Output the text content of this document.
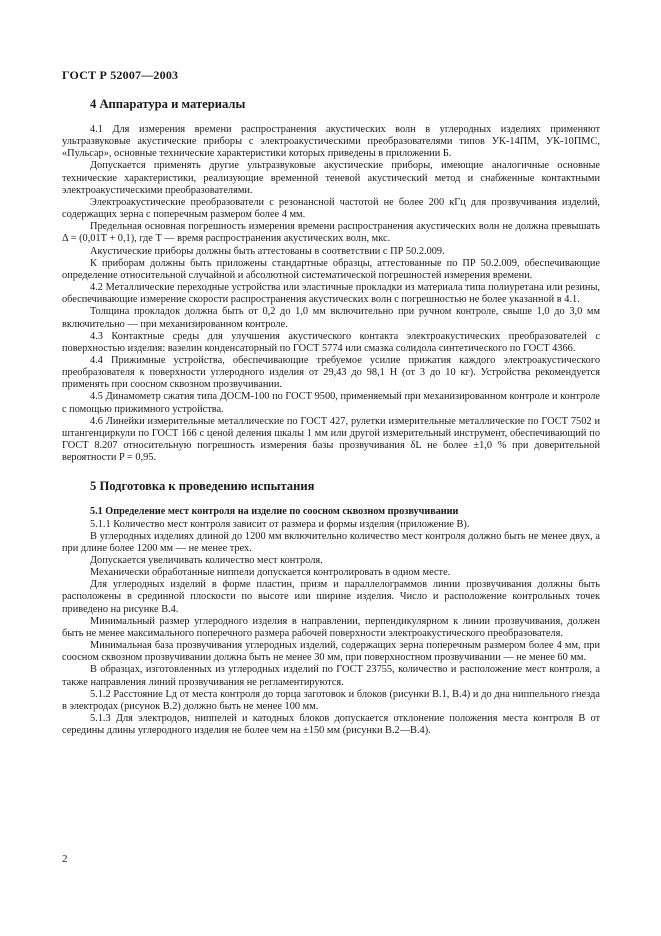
ГОСТ Р 52007—2003
4 Аппаратура и материалы

4.1 Для измерения времени распространения акустических волн в углеродных изделиях применяют ультразвуковые акустические приборы с электроакустическими преобразователями типов УК-14ПМ, УК-10ПМС, «Пульсар», основные технические характеристики которых приведены в приложении Б.

Допускается применять другие ультразвуковые акустические приборы, имеющие аналогичные основные технические характеристики, реализующие временной теневой акустический метод и снабженные контактными электроакустическими преобразователями.

Электроакустические преобразователи с резонансной частотой не более 200 кГц для прозвучивания изделий, содержащих зерна с поперечным размером более 4 мм.

Предельная основная погрешность измерения времени распространения акустических волн не должна превышать Δ = (0,01T + 0,1), где T — время распространения акустических волн, мкс.

Акустические приборы должны быть аттестованы в соответствии с ПР 50.2.009.

К приборам должны быть приложены стандартные образцы, аттестованные по ПР 50.2.009, обеспечивающие определение относительной случайной и абсолютной систематической погрешностей измерения времени.

4.2 Металлические переходные устройства или эластичные прокладки из материала типа полиуретана или резины, обеспечивающие измерение скорости распространения акустических волн с погрешностью не более указанной в 4.1.

Толщина прокладок должна быть от 0,2 до 1,0 мм включительно при ручном контроле, свыше 1,0 до 3,0 мм включительно — при механизированном контроле.

4.3 Контактные среды для улучшения акустического контакта электроакустических преобразователей с поверхностью изделия: вазелин конденсаторный по ГОСТ 5774 или смазка солидола синтетического по ГОСТ 4366.

4.4 Прижимные устройства, обеспечивающие требуемое усилие прижатия каждого электроакустического преобразователя к поверхности углеродного изделия от 29,43 до 98,1 Н (от 3 до 10 кг). Устройства рекомендуется применять при соосном сквозном прозвучивании.

4.5 Динамометр сжатия типа ДОСМ-100 по ГОСТ 9500, применяемый при механизированном контроле и контроле с помощью прижимного устройства.

4.6 Линейки измерительные металлические по ГОСТ 427, рулетки измерительные металлические по ГОСТ 7502 и штангенциркули по ГОСТ 166 с ценой деления шкалы 1 мм или другой измерительный инструмент, обеспечивающий по ГОСТ 8.207 относительную погрешность измерения базы прозвучивания δL не более ±1,0 % при доверительной вероятности P = 0,95.

5 Подготовка к проведению испытания
5.1 Определение мест контроля на изделие по соосном сквозном прозвучивании

5.1.1 Количество мест контроля зависит от размера и формы изделия (приложение В).

В углеродных изделиях длиной до 1200 мм включительно количество мест контроля должно быть не менее двух, а при длине более 1200 мм — не менее трех.

Допускается увеличивать количество мест контроля.

Механически обработанные ниппели допускается контролировать в одном месте.

Для углеродных изделий в форме пластин, призм и параллелограммов линии прозвучивания должны быть расположены в срединной плоскости по высоте или ширине изделия. Число и расположение контрольных точек приведено на рисунке В.4.

Минимальный размер углеродного изделия в направлении, перпендикулярном к линии прозвучивания, должен быть не менее максимального поперечного размера рабочей поверхности электроакустического преобразователя.

Минимальная база прозвучивания углеродных изделий, содержащих зерна поперечным размером более 4 мм, при соосном сквозном прозвучивании должна быть не менее 30 мм, при поверхностном прозвучивании — не менее 60 мм.

В образцах, изготовленных из углеродных изделий по ГОСТ 23755, количество и расположение мест контроля, а также направления линий прозвучивания не регламентируются.

5.1.2 Расстояние Lд от места контроля до торца заготовок и блоков (рисунки В.1, В.4) и до дна ниппельного гнезда в электродах (рисунок В.2) должно быть не менее 100 мм.

5.1.3 Для электродов, ниппелей и катодных блоков допускается отклонение положения места контроля B от середины длины углеродного изделия не более чем на ±150 мм (рисунки В.2—В.4).

2
